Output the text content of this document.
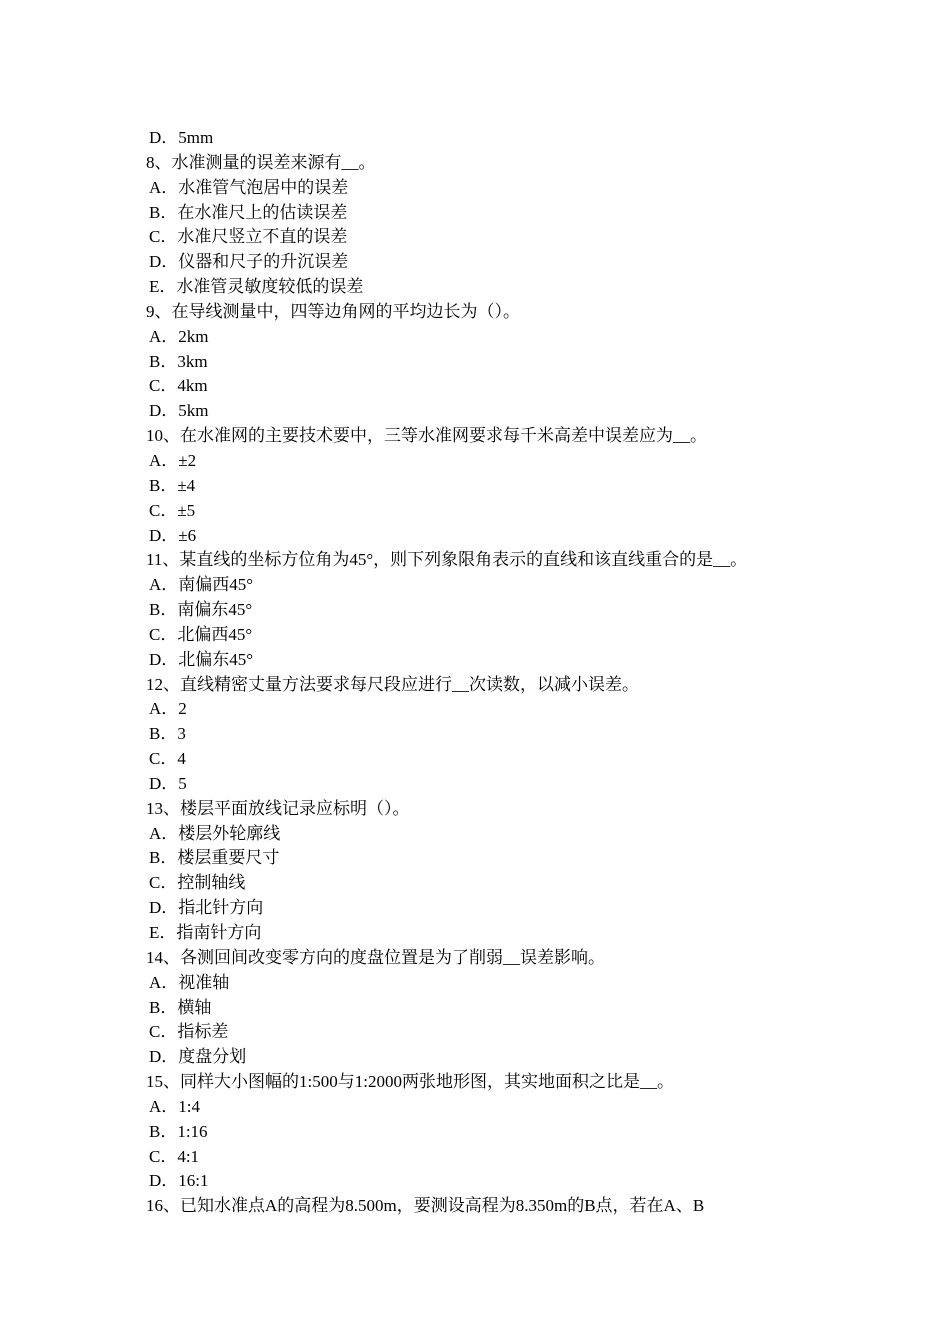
D．5mm
8、水准测量的误差来源有__。
A．水准管气泡居中的误差
B．在水准尺上的估读误差
C．水准尺竖立不直的误差
D．仪器和尺子的升沉误差
E．水准管灵敏度较低的误差
9、在导线测量中，四等边角网的平均边长为（）。
A．2km
B．3km
C．4km
D．5km
10、在水准网的主要技术要中，三等水准网要求每千米高差中误差应为__。
A．±2
B．±4
C．±5
D．±6
11、某直线的坐标方位角为45°，则下列象限角表示的直线和该直线重合的是__。
A．南偏西45°
B．南偏东45°
C．北偏西45°
D．北偏东45°
12、直线精密丈量方法要求每尺段应进行__次读数，以减小误差。
A．2
B．3
C．4
D．5
13、楼层平面放线记录应标明（）。
A．楼层外轮廓线
B．楼层重要尺寸
C．控制轴线
D．指北针方向
E．指南针方向
14、各测回间改变零方向的度盘位置是为了削弱__误差影响。
A．视准轴
B．横轴
C．指标差
D．度盘分划
15、同样大小图幅的1:500与1:2000两张地形图，其实地面积之比是__。
A．1:4
B．1:16
C．4:1
D．16:1
16、已知水准点A的高程为8.500m，要测设高程为8.350m的B点，若在A、B
